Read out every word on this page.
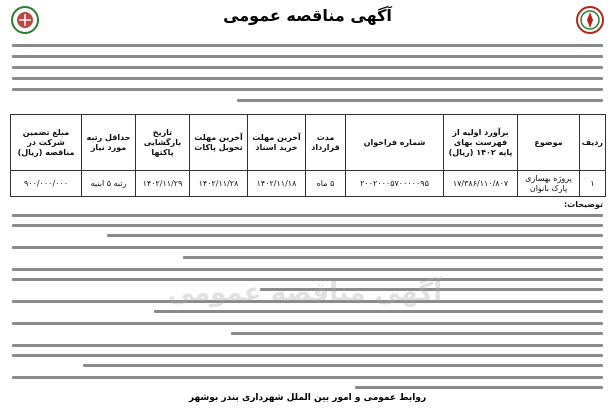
آگهی مناقصه عمومی
ردیف	موضوع	برآورد اولیه از فهرست بهای پایه ۱۴۰۲ (ریال)	شماره فراخوان	مدت قرارداد	آخرین مهلت خرید اسناد	آخرین مهلت تحویل پاکات	تاریخ بازگشایی پاکتها	حداقل رتبه مورد نیاز	مبلغ تضمین شرکت در مناقصه (ریال)
۱	پروژه بهسازی پارک بانوان	۱۷/۳۸۶/۱۱۰/۸۰۷	۲۰۰۲۰۰۰۵۷۰۰۰۰۰۹۵	۵ ماه	۱۴۰۲/۱۱/۱۸	۱۴۰۲/۱۱/۲۸	۱۴۰۲/۱۱/۲۹	رتبه ۵ ابنیه	۹۰۰/۰۰۰/۰۰۰
توضیحات:
آگهی مناقصه عمومی
روابط عمومی و امور بین الملل شهرداری بندر بوشهر
